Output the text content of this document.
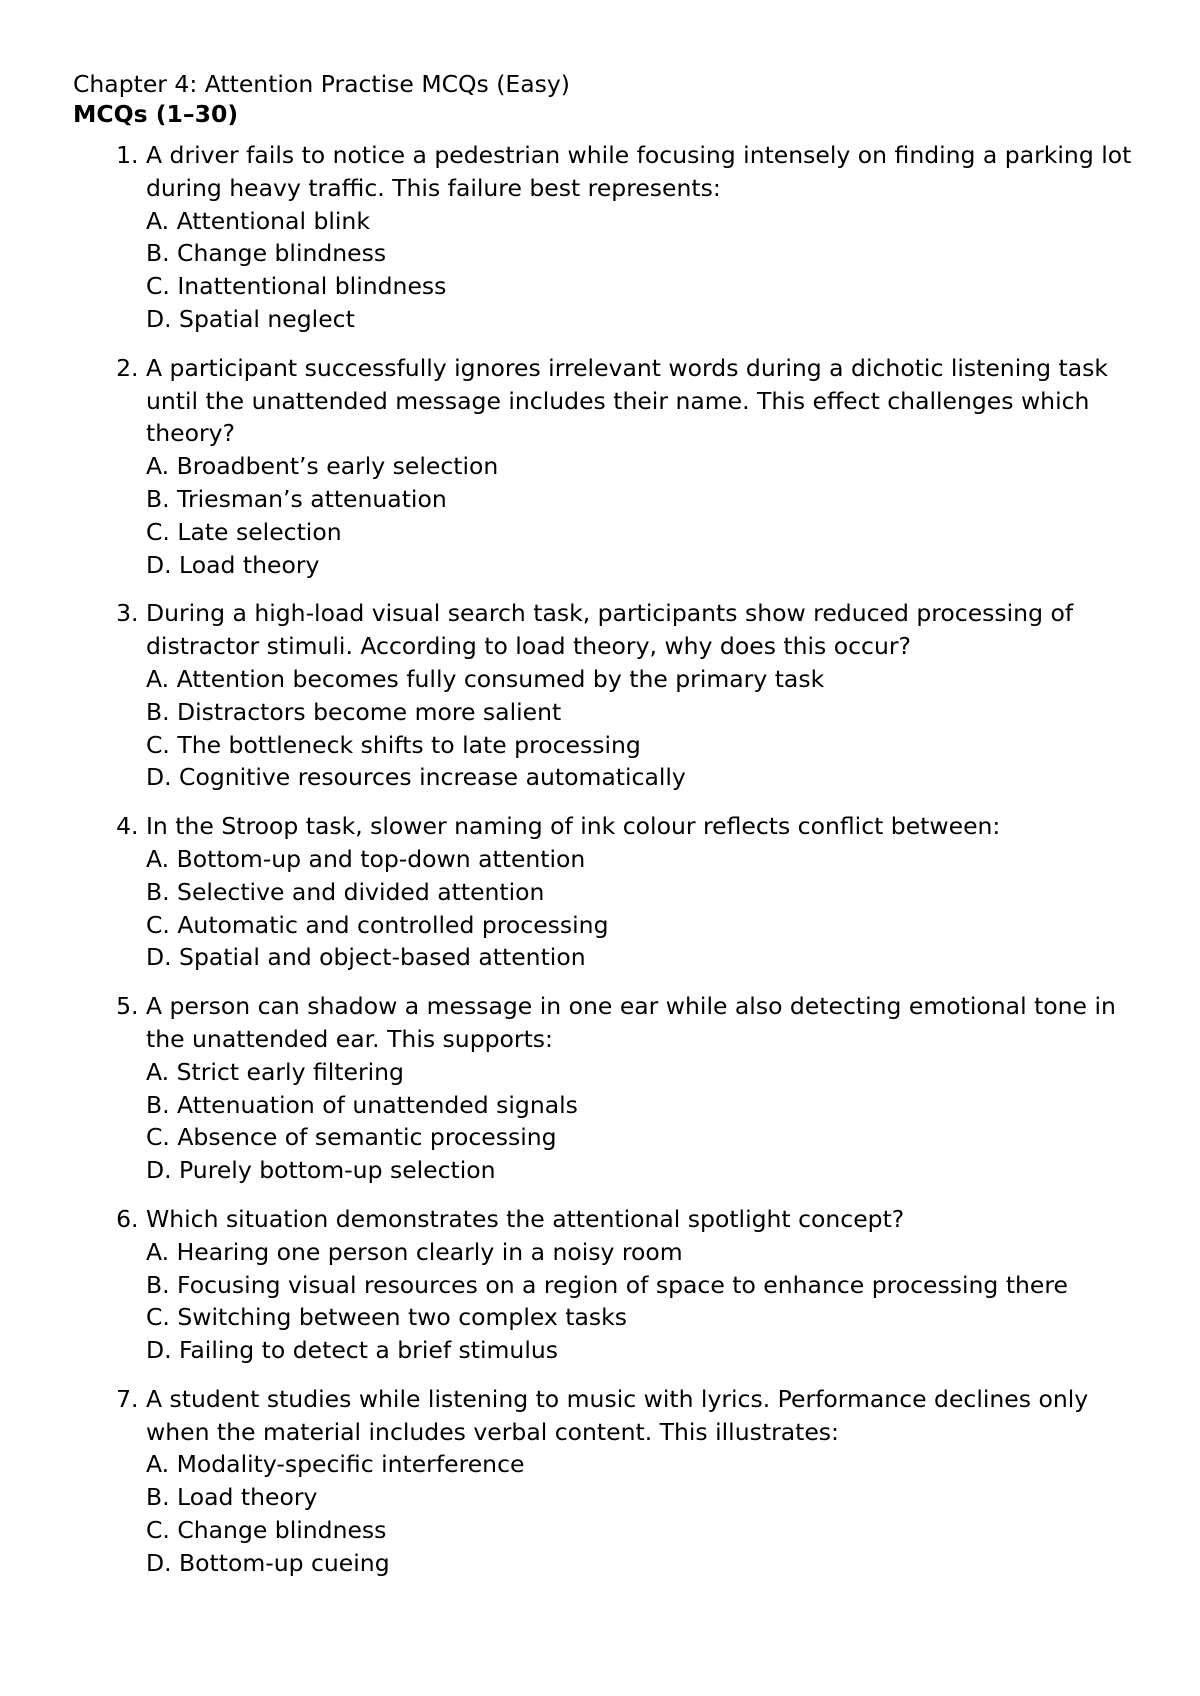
Chapter 4: Attention Practise MCQs (Easy)
MCQs (1–30)
1. A driver fails to notice a pedestrian while focusing intensely on finding a parking lot during heavy traffic. This failure best represents:
A. Attentional blink
B. Change blindness
C. Inattentional blindness
D. Spatial neglect
2. A participant successfully ignores irrelevant words during a dichotic listening task until the unattended message includes their name. This effect challenges which theory?
A. Broadbent’s early selection
B. Triesman’s attenuation
C. Late selection
D. Load theory
3. During a high-load visual search task, participants show reduced processing of distractor stimuli. According to load theory, why does this occur?
A. Attention becomes fully consumed by the primary task
B. Distractors become more salient
C. The bottleneck shifts to late processing
D. Cognitive resources increase automatically
4. In the Stroop task, slower naming of ink colour reflects conflict between:
A. Bottom-up and top-down attention
B. Selective and divided attention
C. Automatic and controlled processing
D. Spatial and object-based attention
5. A person can shadow a message in one ear while also detecting emotional tone in the unattended ear. This supports:
A. Strict early filtering
B. Attenuation of unattended signals
C. Absence of semantic processing
D. Purely bottom-up selection
6. Which situation demonstrates the attentional spotlight concept?
A. Hearing one person clearly in a noisy room
B. Focusing visual resources on a region of space to enhance processing there
C. Switching between two complex tasks
D. Failing to detect a brief stimulus
7. A student studies while listening to music with lyrics. Performance declines only when the material includes verbal content. This illustrates:
A. Modality-specific interference
B. Load theory
C. Change blindness
D. Bottom-up cueing
